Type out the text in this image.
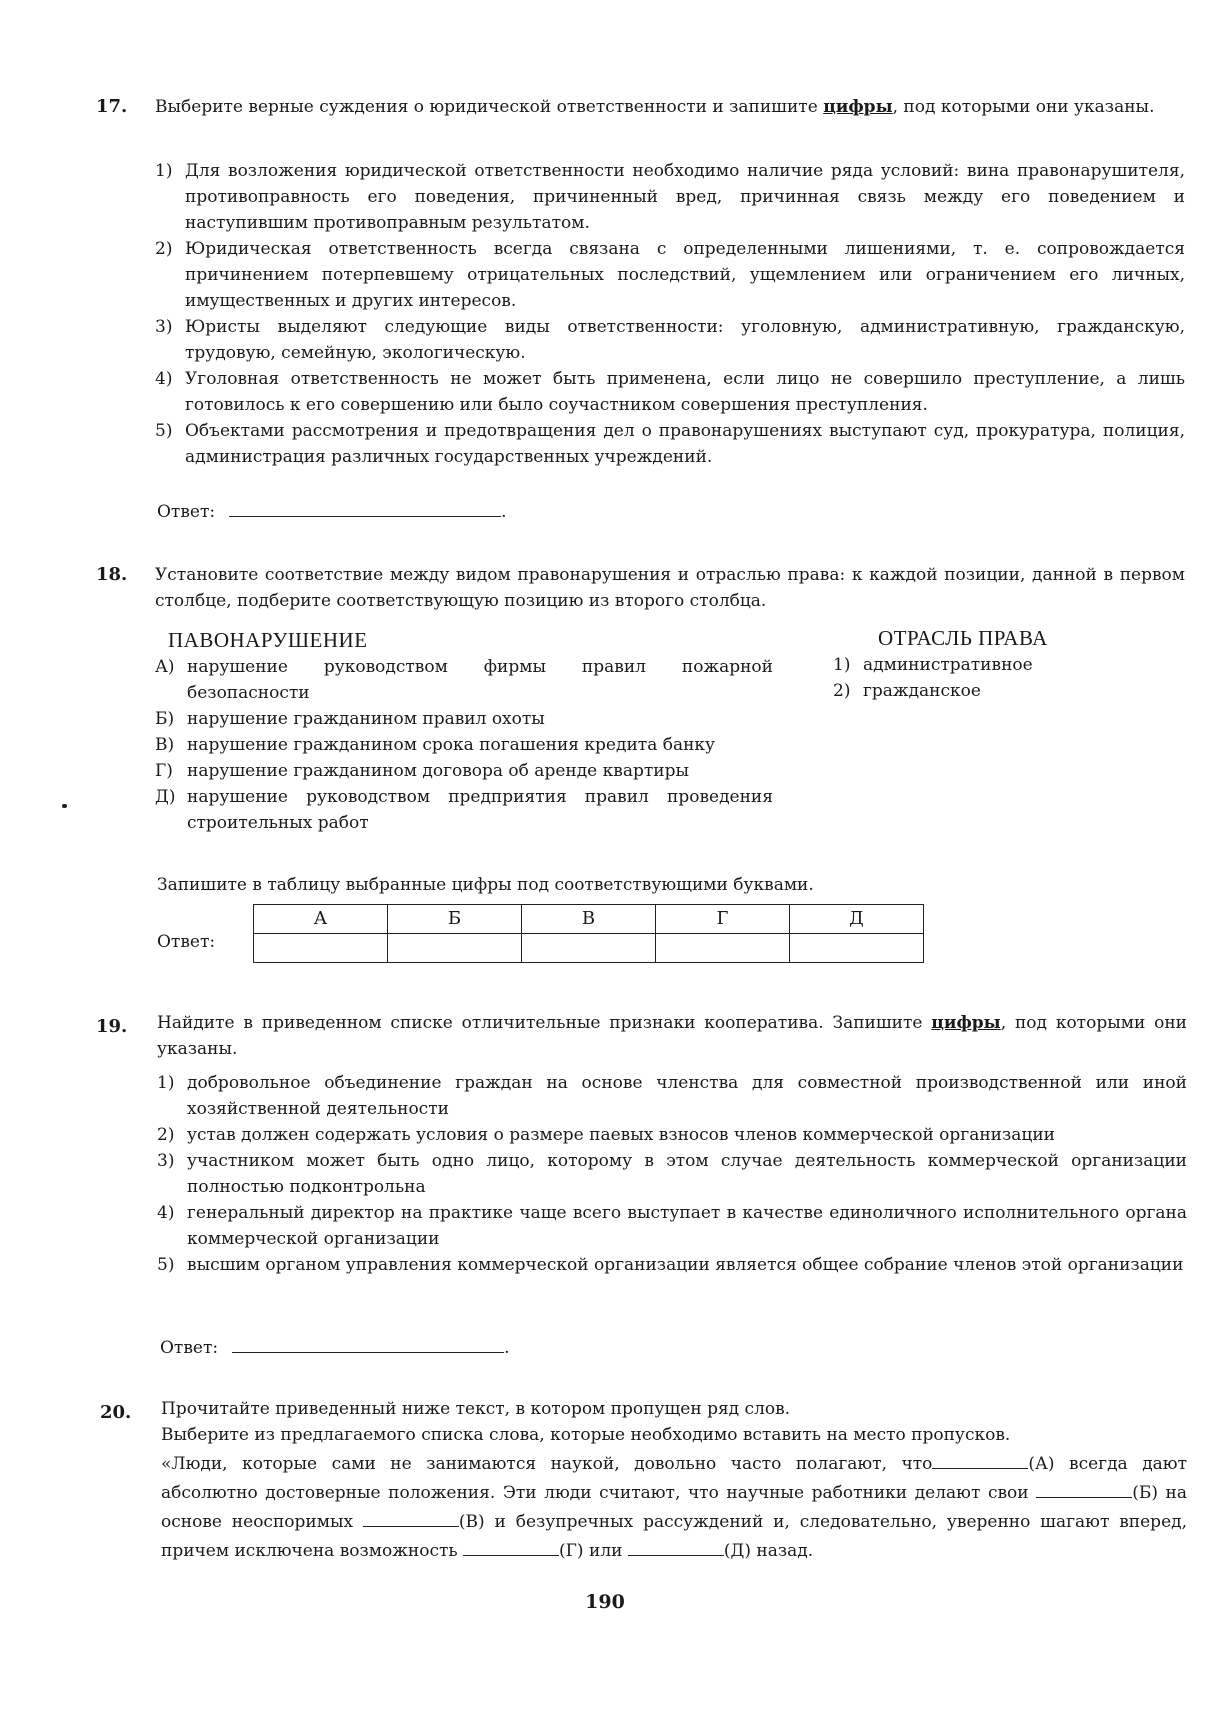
17. Выберите верные суждения о юридической ответственности и запишите цифры, под которыми они указаны.
1) Для возложения юридической ответственности необходимо наличие ряда условий: вина правонарушителя, противоправность его поведения, причиненный вред, причинная связь между его поведением и наступившим противоправным результатом.
2) Юридическая ответственность всегда связана с определенными лишениями, т. е. сопровождается причинением потерпевшему отрицательных последствий, ущемлением или ограничением его личных, имущественных и других интересов.
3) Юристы выделяют следующие виды ответственности: уголовную, административную, гражданскую, трудовую, семейную, экологическую.
4) Уголовная ответственность не может быть применена, если лицо не совершило преступление, а лишь готовилось к его совершению или было соучастником совершения преступления.
5) Объектами рассмотрения и предотвращения дел о правонарушениях выступают суд, прокуратура, полиция, администрация различных государственных учреждений.
Ответ:	.
18. Установите соответствие между видом правонарушения и отраслью права: к каждой позиции, данной в первом столбце, подберите соответствующую позицию из второго столбца.
ПАВОНАРУШЕНИЕ	ОТРАСЛЬ ПРАВА
А) нарушение руководством фирмы правил пожарной безопасности
Б) нарушение гражданином правил охоты
В) нарушение гражданином срока погашения кредита банку
Г) нарушение гражданином договора об аренде квартиры
Д) нарушение руководством предприятия правил проведения строительных работ
1) административное
2) гражданское
Запишите в таблицу выбранные цифры под соответствующими буквами.
Ответ:
А	Б	В	Г	Д

19. Найдите в приведенном списке отличительные признаки кооператива. Запишите цифры, под которыми они указаны.
1) добровольное объединение граждан на основе членства для совместной производственной или иной хозяйственной деятельности
2) устав должен содержать условия о размере паевых взносов членов коммерческой организации
3) участником может быть одно лицо, которому в этом случае деятельность коммерческой организации полностью подконтрольна
4) генеральный директор на практике чаще всего выступает в качестве единоличного исполнительного органа коммерческой организации
5) высшим органом управления коммерческой организации является общее собрание членов этой организации
Ответ:	.
20. Прочитайте приведенный ниже текст, в котором пропущен ряд слов.
Выберите из предлагаемого списка слова, которые необходимо вставить на место пропусков.
«Люди, которые сами не занимаются наукой, довольно часто полагают, что	(А) всегда дают абсолютно достоверные положения. Эти люди считают, что научные работники делают свои	(Б) на основе неоспоримых	(В) и безупречных рассуждений и, следовательно, уверенно шагают вперед, причем исключена возможность	(Г) или	(Д) назад.
190
